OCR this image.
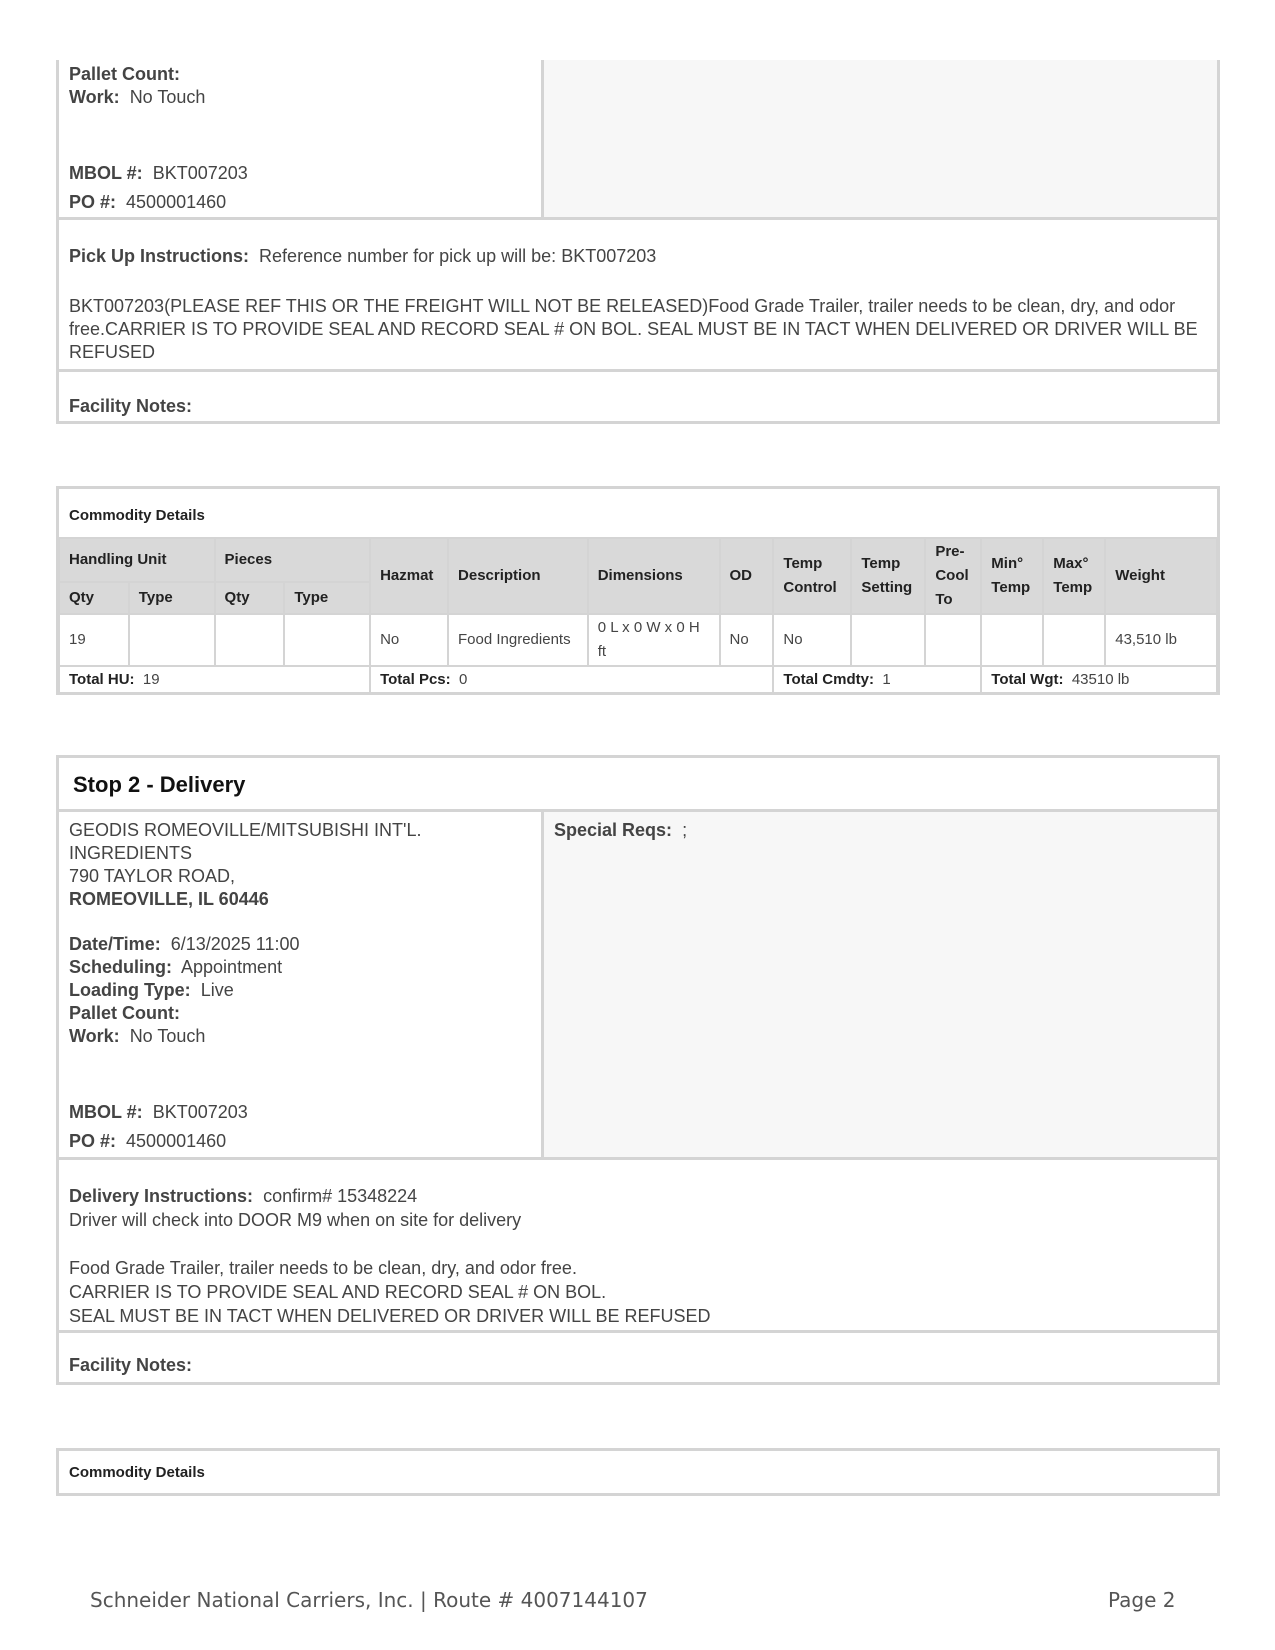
Pallet Count:
Work: No Touch
MBOL #: BKT007203
PO #: 4500001460
Pick Up Instructions: Reference number for pick up will be: BKT007203
BKT007203(PLEASE REF THIS OR THE FREIGHT WILL NOT BE RELEASED)Food Grade Trailer, trailer needs to be clean, dry, and odor free.CARRIER IS TO PROVIDE SEAL AND RECORD SEAL # ON BOL. SEAL MUST BE IN TACT WHEN DELIVERED OR DRIVER WILL BE REFUSED
Facility Notes:
Commodity Details
Handling Unit		Pieces		Hazmat	Description	Dimensions	OD	Temp Control	Temp Setting	Pre-Cool To	Min° Temp	Max° Temp	Weight
Qty	Type	Qty	Type										
19				No	Food Ingredients	0 L x 0 W x 0 H ft	No	No					43,510 lb
Total HU: 19				Total Pcs: 0				Total Cmdty: 1			Total Wgt: 43510 lb		
Stop 2 - Delivery
GEODIS ROMEOVILLE/MITSUBISHI INT'L.
INGREDIENTS
790 TAYLOR ROAD,
ROMEOVILLE, IL 60446
Date/Time: 6/13/2025 11:00
Scheduling: Appointment
Loading Type: Live
Pallet Count:
Work: No Touch
MBOL #: BKT007203
PO #: 4500001460
Special Reqs: ;
Delivery Instructions: confirm# 15348224
Driver will check into DOOR M9 when on site for delivery
Food Grade Trailer, trailer needs to be clean, dry, and odor free.
CARRIER IS TO PROVIDE SEAL AND RECORD SEAL # ON BOL.
SEAL MUST BE IN TACT WHEN DELIVERED OR DRIVER WILL BE REFUSED
Facility Notes:
Commodity Details
Schneider National Carriers, Inc. | Route # 4007144107	Page 2
